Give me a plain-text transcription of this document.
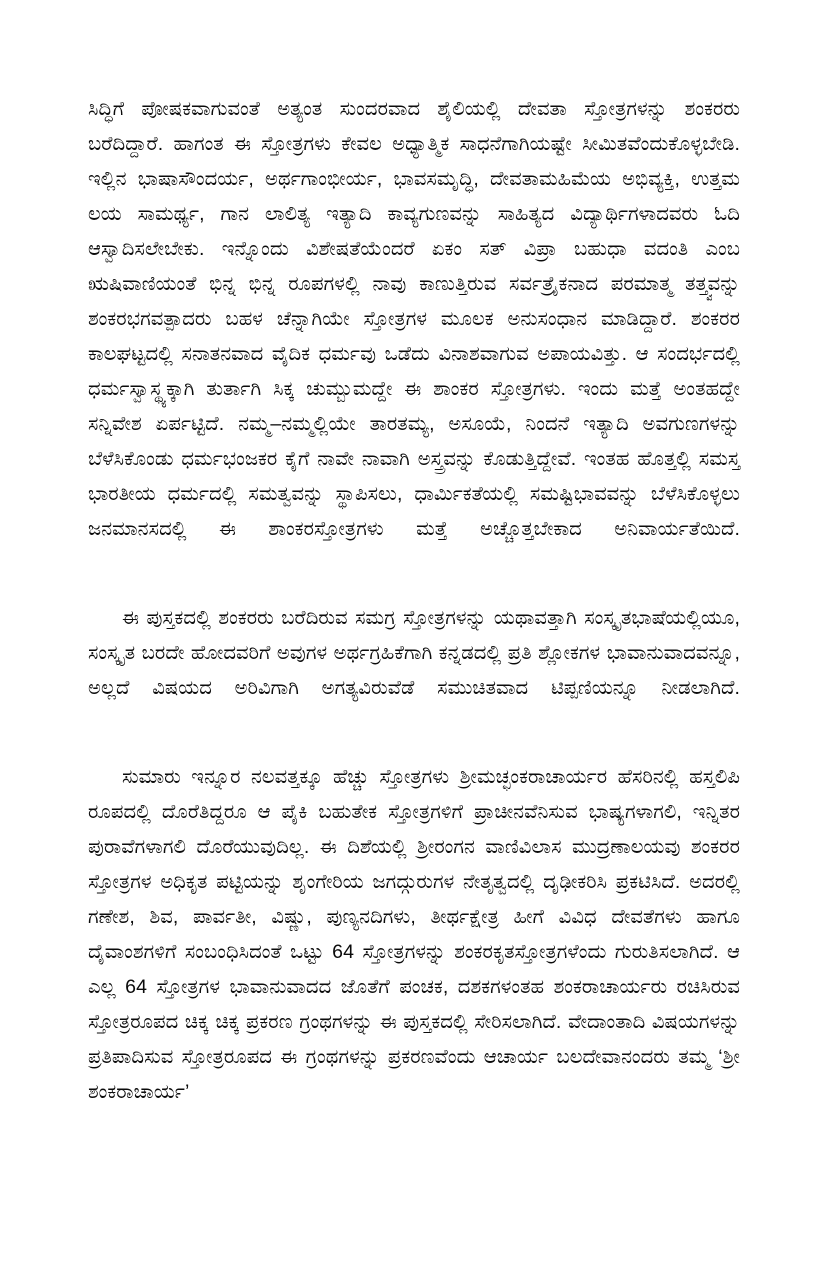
ಸಿದ್ಧಿಗೆ ಪೋಷಕವಾಗುವಂತೆ ಅತ್ಯಂತ ಸುಂದರವಾದ ಶೈಲಿಯಲ್ಲಿ ದೇವತಾ ಸ್ತೋತ್ರಗಳನ್ನು ಶಂಕರರು ಬರೆದಿದ್ದಾರೆ. ಹಾಗಂತ ಈ ಸ್ತೋತ್ರಗಳು ಕೇವಲ ಅಧ್ಯಾತ್ಮಿಕ ಸಾಧನೆಗಾಗಿಯಷ್ಟೇ ಸೀಮಿತವೆಂದುಕೊಳ್ಳಬೇಡಿ. ಇಲ್ಲಿನ ಭಾಷಾಸೌಂದರ್ಯ, ಅರ್ಥಗಾಂಭೀರ್ಯ, ಭಾವಸಮೃದ್ಧಿ, ದೇವತಾಮಹಿಮೆಯ ಅಭಿವ್ಯಕ್ತಿ, ಉತ್ತಮ ಲಯ ಸಾಮರ್ಥ್ಯ, ಗಾನ ಲಾಲಿತ್ಯ ಇತ್ಯಾದಿ ಕಾವ್ಯಗುಣವನ್ನು ಸಾಹಿತ್ಯದ ವಿದ್ಯಾರ್ಥಿಗಳಾದವರು ಓದಿ ಆಸ್ವಾದಿಸಲೇಬೇಕು. ಇನ್ನೊಂದು ವಿಶೇಷತೆಯೆಂದರೆ ಏಕಂ ಸತ್ ವಿಪ್ರಾ ಬಹುಧಾ ವದಂತಿ ಎಂಬ ಋಷಿವಾಣಿಯಂತೆ ಭಿನ್ನ ಭಿನ್ನ ರೂಪಗಳಲ್ಲಿ ನಾವು ಕಾಣುತ್ತಿರುವ ಸರ್ವತ್ರೈಕನಾದ ಪರಮಾತ್ಮ ತತ್ತ್ವವನ್ನು ಶಂಕರಭಗವತ್ಪಾದರು ಬಹಳ ಚೆನ್ನಾಗಿಯೇ ಸ್ತೋತ್ರಗಳ ಮೂಲಕ ಅನುಸಂಧಾನ ಮಾಡಿದ್ದಾರೆ. ಶಂಕರರ ಕಾಲಘಟ್ಟದಲ್ಲಿ ಸನಾತನವಾದ ವೈದಿಕ ಧರ್ಮವು ಒಡೆದು ವಿನಾಶವಾಗುವ ಅಪಾಯವಿತ್ತು. ಆ ಸಂದರ್ಭದಲ್ಲಿ ಧರ್ಮಸ್ವಾಸ್ಥ್ಯಕ್ಕಾಗಿ ತುರ್ತಾಗಿ ಸಿಕ್ಕ ಚುಮ್ಬುಮದ್ದೇ ಈ ಶಾಂಕರ ಸ್ತೋತ್ರಗಳು. ಇಂದು ಮತ್ತೆ ಅಂತಹದ್ದೇ ಸನ್ನಿವೇಶ ಏರ್ಪಟ್ಟಿದೆ. ನಮ್ಮ–ನಮ್ಮಲ್ಲಿಯೇ ತಾರತಮ್ಯ, ಅಸೂಯೆ, ನಿಂದನೆ ಇತ್ಯಾದಿ ಅವಗುಣಗಳನ್ನು ಬೆಳೆಸಿಕೊಂಡು ಧರ್ಮಭಂಜಕರ ಕೈಗೆ ನಾವೇ ನಾವಾಗಿ ಅಸ್ತ್ರವನ್ನು ಕೊಡುತ್ತಿದ್ದೇವೆ. ಇಂತಹ ಹೊತ್ತಲ್ಲಿ ಸಮಸ್ತ ಭಾರತೀಯ ಧರ್ಮದಲ್ಲಿ ಸಮತ್ವವನ್ನು ಸ್ಥಾಪಿಸಲು, ಧಾರ್ಮಿಕತೆಯಲ್ಲಿ ಸಮಷ್ಟಿಭಾವವನ್ನು ಬೆಳೆಸಿಕೊಳ್ಳಲು ಜನಮಾನಸದಲ್ಲಿ ಈ ಶಾಂಕರಸ್ತೋತ್ರಗಳು ಮತ್ತೆ ಅಚ್ಚೊತ್ತಬೇಕಾದ ಅನಿವಾರ್ಯತೆಯಿದೆ.

ಈ ಪುಸ್ತಕದಲ್ಲಿ ಶಂಕರರು ಬರೆದಿರುವ ಸಮಗ್ರ ಸ್ತೋತ್ರಗಳನ್ನು ಯಥಾವತ್ತಾಗಿ ಸಂಸ್ಕೃತಭಾಷೆಯಲ್ಲಿಯೂ, ಸಂಸ್ಕೃತ ಬರದೇ ಹೋದವರಿಗೆ ಅವುಗಳ ಅರ್ಥಗ್ರಹಿಕೆಗಾಗಿ ಕನ್ನಡದಲ್ಲಿ ಪ್ರತಿ ಶ್ಲೋಕಗಳ ಭಾವಾನುವಾದವನ್ನೂ, ಅಲ್ಲದೆ ವಿಷಯದ ಅರಿವಿಗಾಗಿ ಅಗತ್ಯವಿರುವೆಡೆ ಸಮುಚಿತವಾದ ಟಿಪ್ಪಣಿಯನ್ನೂ ನೀಡಲಾಗಿದೆ.

ಸುಮಾರು ಇನ್ನೂರ ನಲವತ್ತಕ್ಕೂ ಹೆಚ್ಚು ಸ್ತೋತ್ರಗಳು ಶ್ರೀಮಚ್ಛಂಕರಾಚಾರ್ಯರ ಹೆಸರಿನಲ್ಲಿ ಹಸ್ತಲಿಪಿ ರೂಪದಲ್ಲಿ ದೊರೆತಿದ್ದರೂ ಆ ಪೈಕಿ ಬಹುತೇಕ ಸ್ತೋತ್ರಗಳಿಗೆ ಪ್ರಾಚೀನವೆನಿಸುವ ಭಾಷ್ಯಗಳಾಗಲಿ, ಇನ್ನಿತರ ಪುರಾವೆಗಳಾಗಲಿ ದೊರೆಯುವುದಿಲ್ಲ. ಈ ದಿಶೆಯಲ್ಲಿ ಶ್ರೀರಂಗನ ವಾಣಿವಿಲಾಸ ಮುದ್ರಣಾಲಯವು ಶಂಕರರ ಸ್ತೋತ್ರಗಳ ಅಧಿಕೃತ ಪಟ್ಟಿಯನ್ನು ಶೃಂಗೇರಿಯ ಜಗದ್ಗುರುಗಳ ನೇತೃತ್ವದಲ್ಲಿ ದೃಢೀಕರಿಸಿ ಪ್ರಕಟಿಸಿದೆ. ಅದರಲ್ಲಿ ಗಣೇಶ, ಶಿವ, ಪಾರ್ವತೀ, ವಿಷ್ಣು, ಪುಣ್ಯನದಿಗಳು, ತೀರ್ಥಕ್ಷೇತ್ರ ಹೀಗೆ ವಿವಿಧ ದೇವತೆಗಳು ಹಾಗೂ ದೈವಾಂಶಗಳಿಗೆ ಸಂಬಂಧಿಸಿದಂತೆ ಒಟ್ಟು 64 ಸ್ತೋತ್ರಗಳನ್ನು ಶಂಕರಕೃತಸ್ತೋತ್ರಗಳೆಂದು ಗುರುತಿಸಲಾಗಿದೆ. ಆ ಎಲ್ಲ 64 ಸ್ತೋತ್ರಗಳ ಭಾವಾನುವಾದದ ಜೊತೆಗೆ ಪಂಚಕ, ದಶಕಗಳಂತಹ ಶಂಕರಾಚಾರ್ಯರು ರಚಿಸಿರುವ ಸ್ತೋತ್ರರೂಪದ ಚಿಕ್ಕ ಚಿಕ್ಕ ಪ್ರಕರಣ ಗ್ರಂಥಗಳನ್ನು ಈ ಪುಸ್ತಕದಲ್ಲಿ ಸೇರಿಸಲಾಗಿದೆ. ವೇದಾಂತಾದಿ ವಿಷಯಗಳನ್ನು ಪ್ರತಿಪಾದಿಸುವ ಸ್ತೋತ್ರರೂಪದ ಈ ಗ್ರಂಥಗಳನ್ನು ಪ್ರಕರಣವೆಂದು ಆಚಾರ್ಯ ಬಲದೇವಾನಂದರು ತಮ್ಮ ‘ಶ್ರೀ ಶಂಕರಾಚಾರ್ಯ’
